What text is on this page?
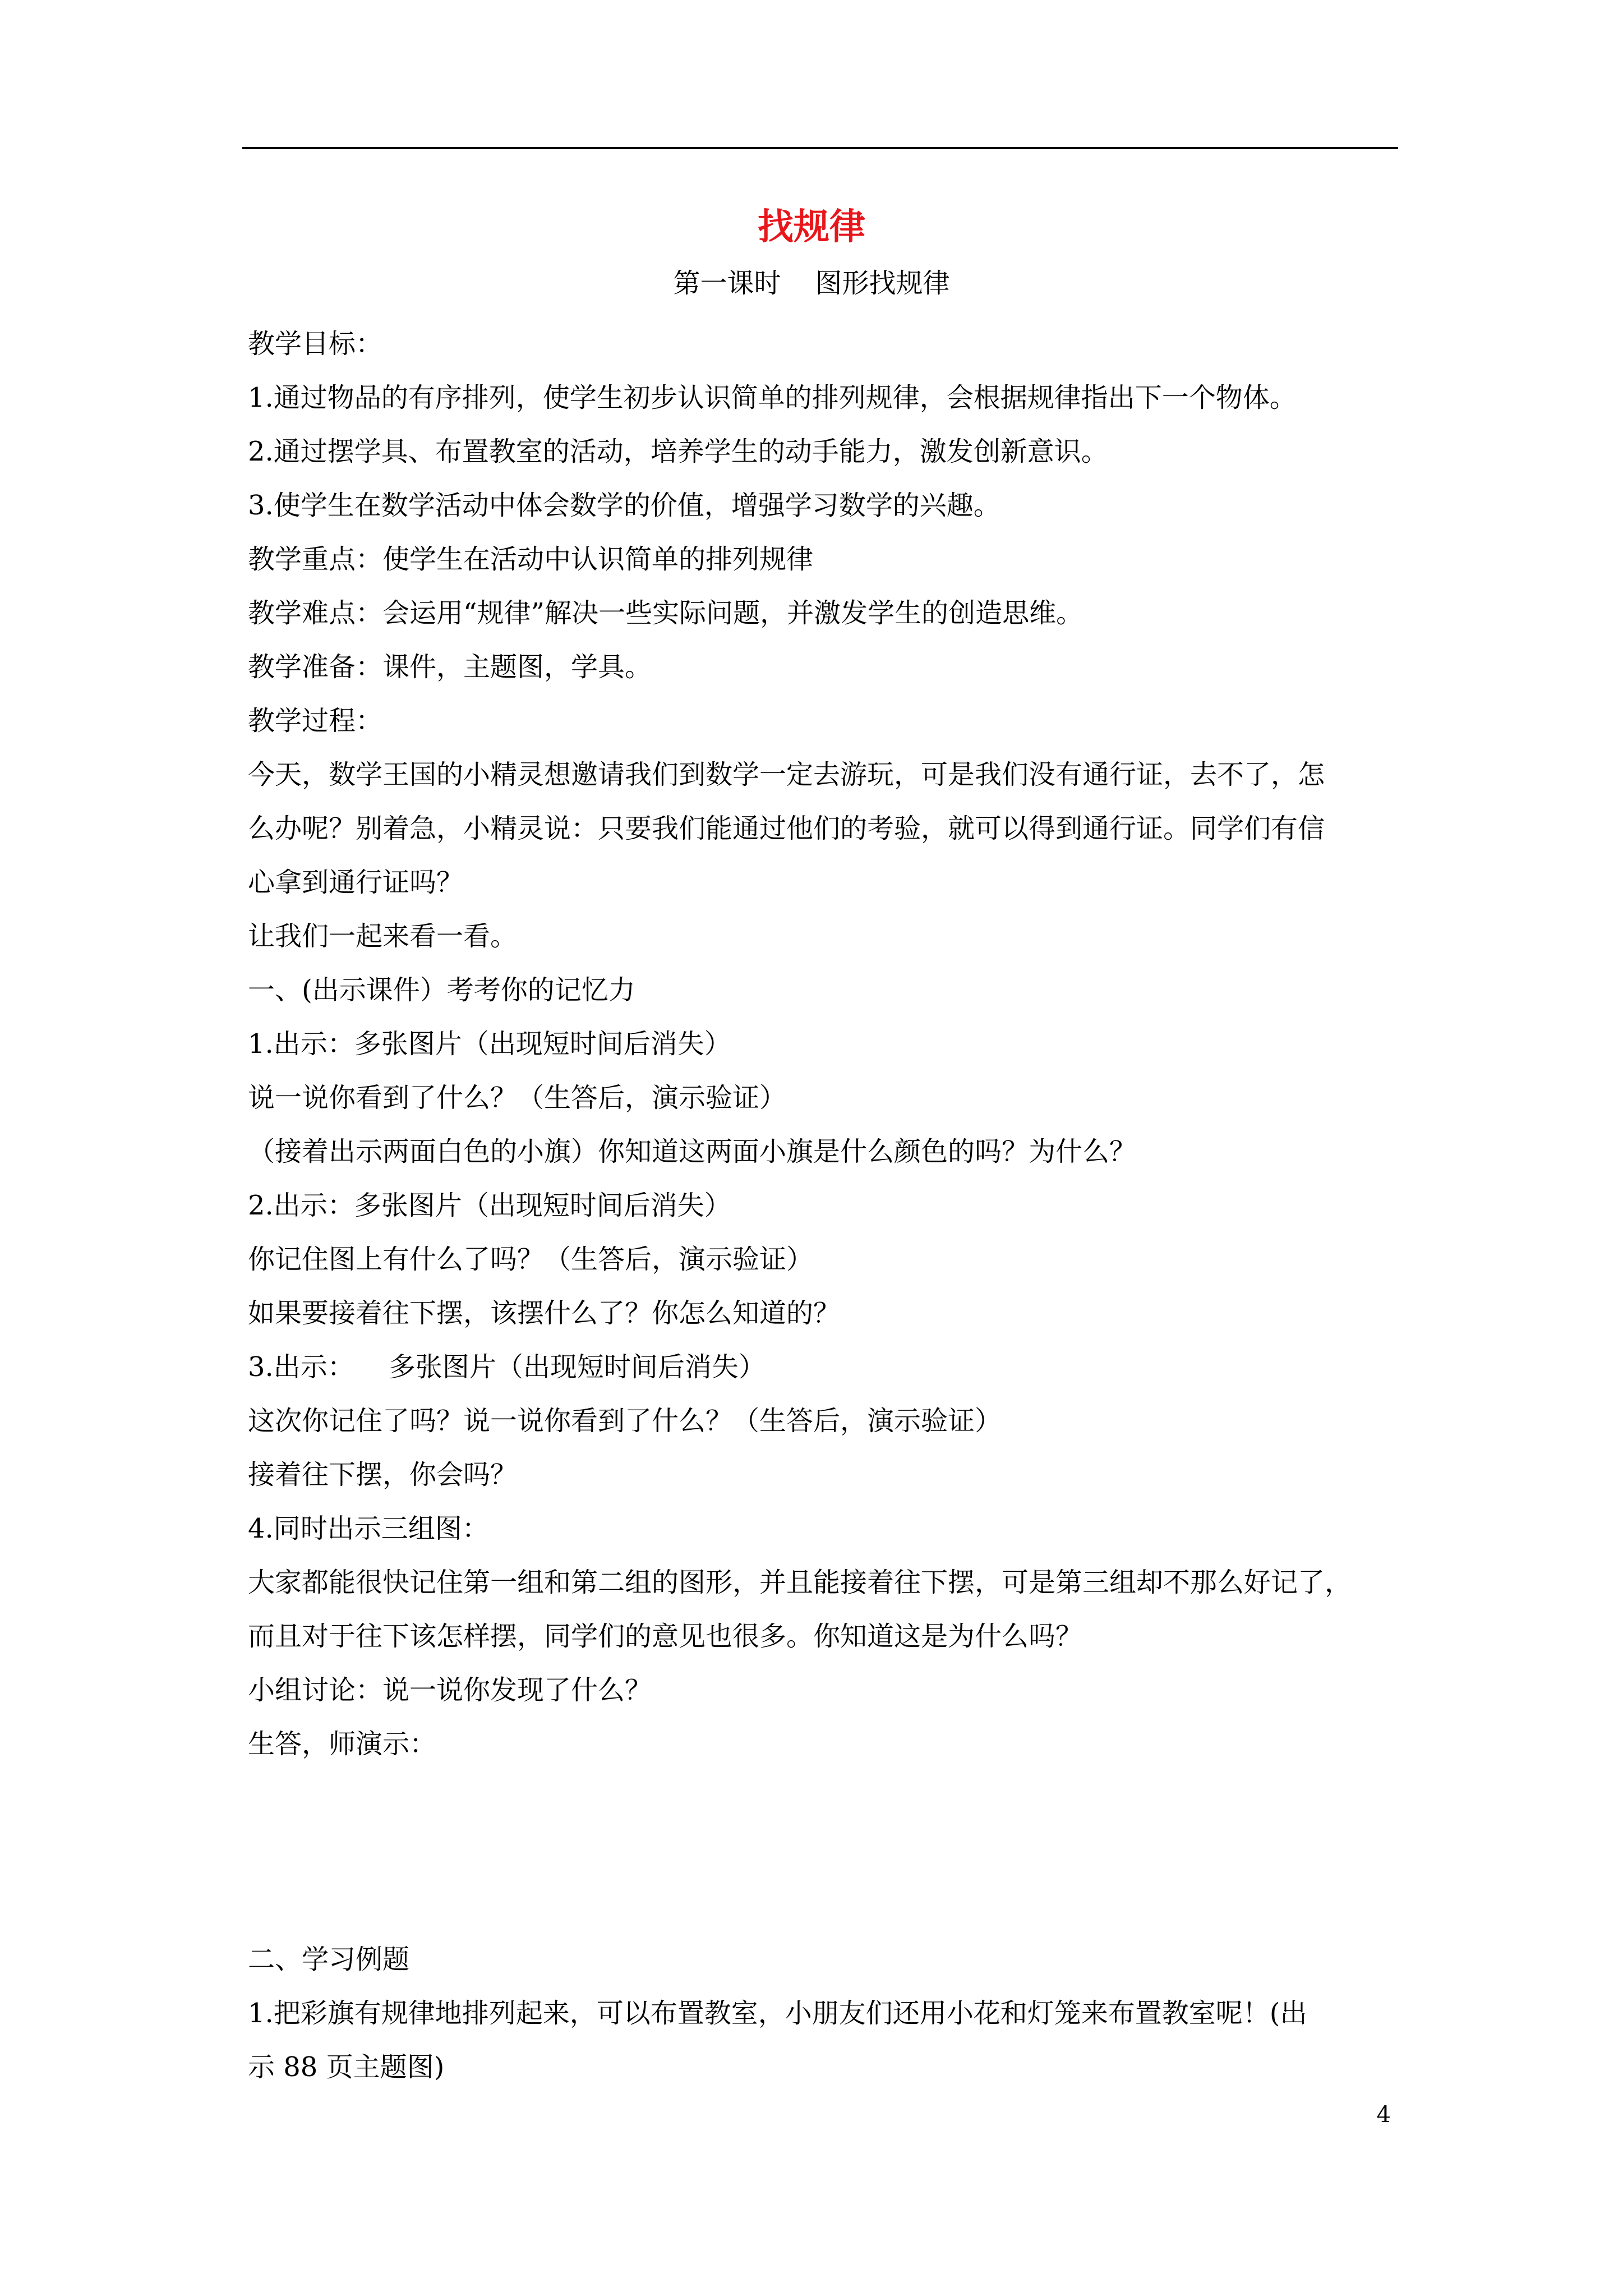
找规律
第一课时    图形找规律
教学目标：
1.通过物品的有序排列，使学生初步认识简单的排列规律，会根据规律指出下一个物体。
2.通过摆学具、布置教室的活动，培养学生的动手能力，激发创新意识。
3.使学生在数学活动中体会数学的价值，增强学习数学的兴趣。
教学重点：使学生在活动中认识简单的排列规律
教学难点：会运用“规律”解决一些实际问题，并激发学生的创造思维。
教学准备：课件，主题图，学具。
教学过程：
今天，数学王国的小精灵想邀请我们到数学一定去游玩，可是我们没有通行证，去不了，怎
么办呢？别着急，小精灵说：只要我们能通过他们的考验，就可以得到通行证。同学们有信
心拿到通行证吗？
让我们一起来看一看。
一、(出示课件）考考你的记忆力
1.出示：多张图片（出现短时间后消失）
说一说你看到了什么？（生答后，演示验证）
（接着出示两面白色的小旗）你知道这两面小旗是什么颜色的吗？为什么？
2.出示：多张图片（出现短时间后消失）
你记住图上有什么了吗？（生答后，演示验证）
如果要接着往下摆，该摆什么了？你怎么知道的？
3.出示：    多张图片（出现短时间后消失）
这次你记住了吗？说一说你看到了什么？（生答后，演示验证）
接着往下摆，你会吗？
4.同时出示三组图：
大家都能很快记住第一组和第二组的图形，并且能接着往下摆，可是第三组却不那么好记了，
而且对于往下该怎样摆，同学们的意见也很多。你知道这是为什么吗？
小组讨论：说一说你发现了什么？
生答，师演示：
二、学习例题
1.把彩旗有规律地排列起来，可以布置教室，小朋友们还用小花和灯笼来布置教室呢！(出
示 88 页主题图)
4
